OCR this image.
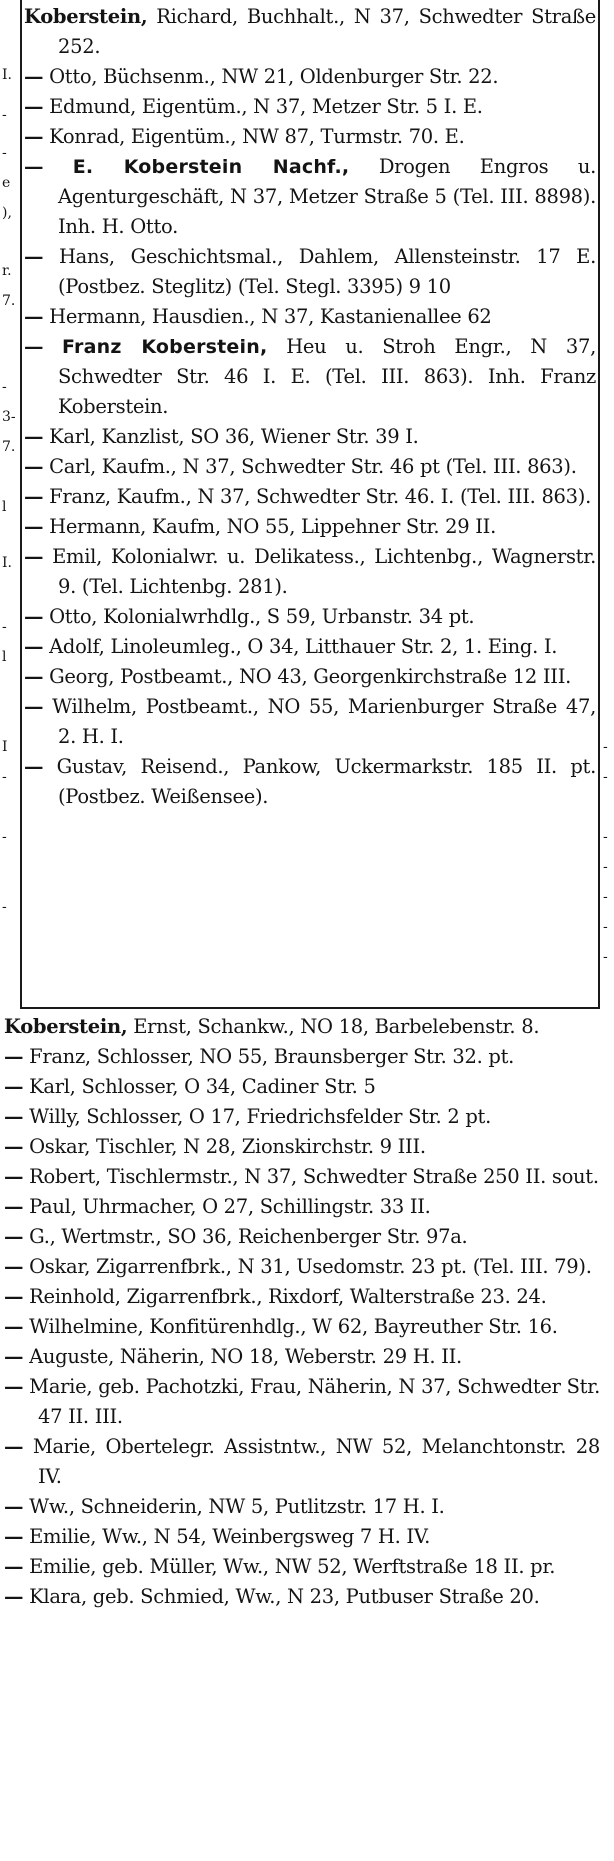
I.
-
-
e
),
r.
7.
-
3-
7.
l
I.
-
l
I
-
-
-
-
-
-
-
-
-
-

Koberstein, Richard, Buchhalt., N 37, Schwedter Straße 252.

— Otto, Büchsenm., NW 21, Oldenburger Str. 22.

— Edmund, Eigentüm., N 37, Metzer Str. 5 I. E.

— Konrad, Eigentüm., NW 87, Turmstr. 70. E.

— E. Koberstein Nachf., Drogen Engros u. Agenturgeschäft, N 37, Metzer Straße 5 (Tel. III. 8898). Inh. H. Otto.

— Hans, Geschichtsmal., Dahlem, Allensteinstr. 17 E. (Postbez. Steglitz) (Tel. Stegl. 3395) 9 10

— Hermann, Hausdien., N 37, Kastanienallee 62

— Franz Koberstein, Heu u. Stroh Engr., N 37, Schwedter Str. 46 I. E. (Tel. III. 863). Inh. Franz Koberstein.

— Karl, Kanzlist, SO 36, Wiener Str. 39 I.

— Carl, Kaufm., N 37, Schwedter Str. 46 pt (Tel. III. 863).

— Franz, Kaufm., N 37, Schwedter Str. 46. I. (Tel. III. 863).

— Hermann, Kaufm, NO 55, Lippehner Str. 29 II.

— Emil, Kolonialwr. u. Delikatess., Lichtenbg., Wagnerstr. 9. (Tel. Lichtenbg. 281).

— Otto, Kolonialwrhdlg., S 59, Urbanstr. 34 pt.

— Adolf, Linoleumleg., O 34, Litthauer Str. 2, 1. Eing. I.

— Georg, Postbeamt., NO 43, Georgenkirchstraße 12 III.

— Wilhelm, Postbeamt., NO 55, Marienburger Straße 47, 2. H. I.

— Gustav, Reisend., Pankow, Uckermarkstr. 185 II. pt. (Postbez. Weißensee).

Koberstein, Ernst, Schankw., NO 18, Barbelebenstr. 8.

— Franz, Schlosser, NO 55, Braunsberger Str. 32. pt.

— Karl, Schlosser, O 34, Cadiner Str. 5

— Willy, Schlosser, O 17, Friedrichsfelder Str. 2 pt.

— Oskar, Tischler, N 28, Zionskirchstr. 9 III.

— Robert, Tischlermstr., N 37, Schwedter Straße 250 II. sout.

— Paul, Uhrmacher, O 27, Schillingstr. 33 II.

— G., Wertmstr., SO 36, Reichenberger Str. 97a.

— Oskar, Zigarrenfbrk., N 31, Usedomstr. 23 pt. (Tel. III. 79).

— Reinhold, Zigarrenfbrk., Rixdorf, Walterstraße 23. 24.

— Wilhelmine, Konfitürenhdlg., W 62, Bayreuther Str. 16.

— Auguste, Näherin, NO 18, Weberstr. 29 H. II.

— Marie, geb. Pachotzki, Frau, Näherin, N 37, Schwedter Str. 47 II. III.

— Marie, Obertelegr. Assistntw., NW 52, Melanchtonstr. 28 IV.

— Ww., Schneiderin, NW 5, Putlitzstr. 17 H. I.

— Emilie, Ww., N 54, Weinbergsweg 7 H. IV.

— Emilie, geb. Müller, Ww., NW 52, Werftstraße 18 II. pr.

— Klara, geb. Schmied, Ww., N 23, Putbuser Straße 20.
